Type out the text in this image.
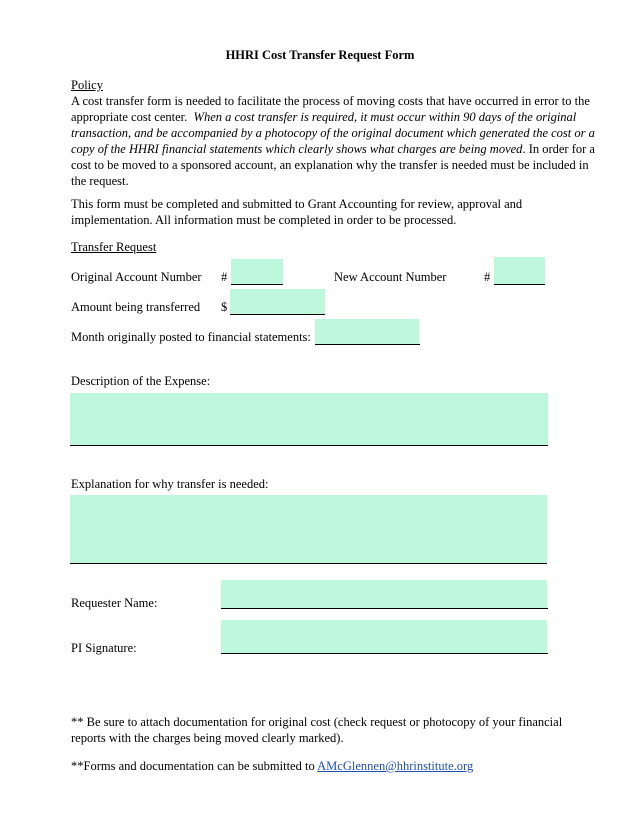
HHRI Cost Transfer Request Form
Policy
A cost transfer form is needed to facilitate the process of moving costs that have occurred in error to the appropriate cost center. When a cost transfer is required, it must occur within 90 days of the original transaction, and be accompanied by a photocopy of the original document which generated the cost or a copy of the HHRI financial statements which clearly shows what charges are being moved. In order for a cost to be moved to a sponsored account, an explanation why the transfer is needed must be included in the request.
This form must be completed and submitted to Grant Accounting for review, approval and implementation. All information must be completed in order to be processed.
Transfer Request
Original Account Number #	New Account Number	#
Amount being transferred $
Month originally posted to financial statements:
Description of the Expense:
Explanation for why transfer is needed:
Requester Name:
PI Signature:
** Be sure to attach documentation for original cost (check request or photocopy of your financial reports with the charges being moved clearly marked).
**Forms and documentation can be submitted to AMcGlennen@hhrinstitute.org
